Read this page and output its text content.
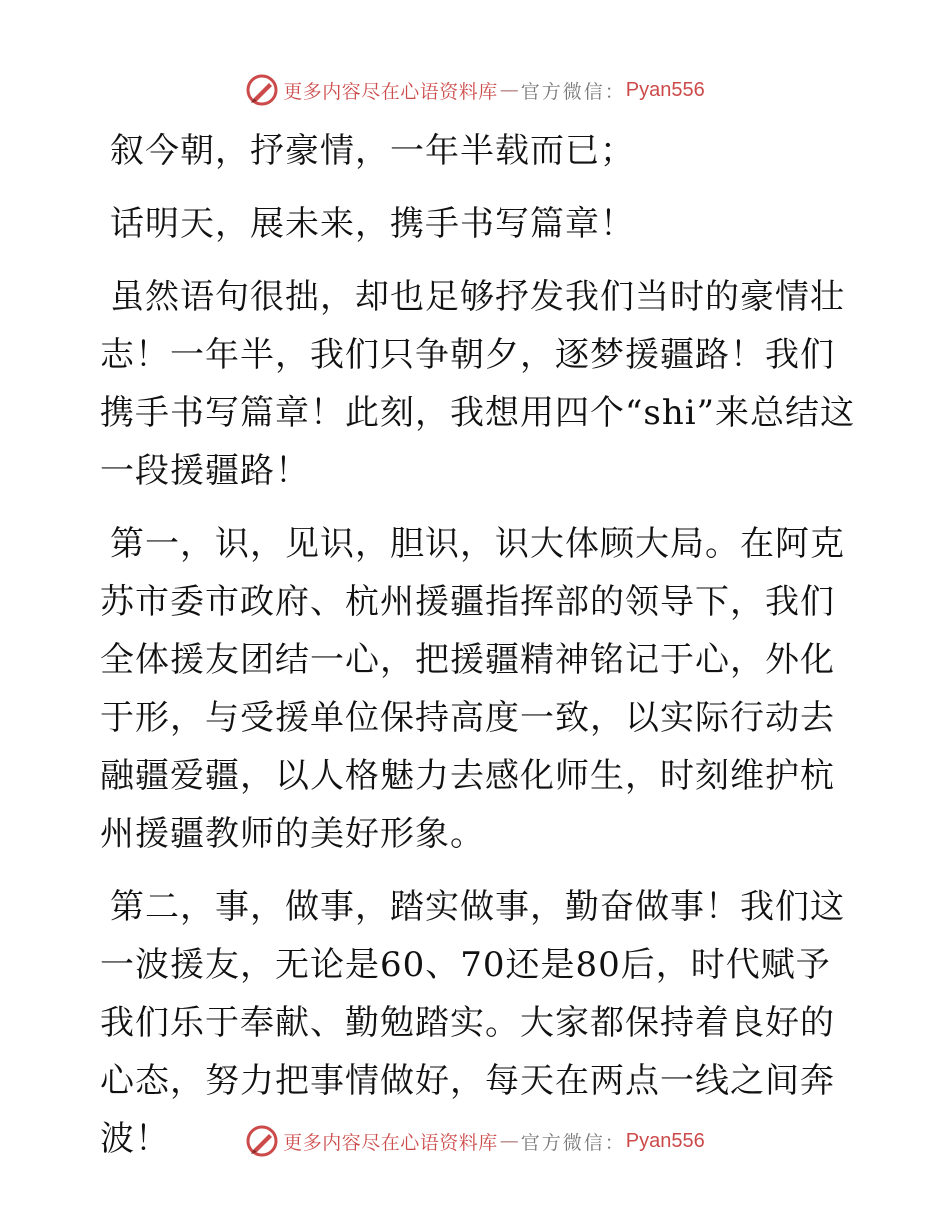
更多内容尽在心语资料库 — 官方微信： Pyan556

叙今朝，抒豪情，一年半载而已；

话明天，展未来，携手书写篇章！

虽然语句很拙，却也足够抒发我们当时的豪情壮志！一年半，我们只争朝夕，逐梦援疆路！我们携手书写篇章！此刻，我想用四个“shi”来总结这一段援疆路！

第一，识，见识，胆识，识大体顾大局。在阿克苏市委市政府、杭州援疆指挥部的领导下，我们全体援友团结一心，把援疆精神铭记于心，外化于形，与受援单位保持高度一致，以实际行动去融疆爱疆，以人格魅力去感化师生，时刻维护杭州援疆教师的美好形象。

第二，事，做事，踏实做事，勤奋做事！我们这一波援友，无论是60、70还是80后，时代赋予我们乐于奉献、勤勉踏实。大家都保持着良好的心态，努力把事情做好，每天在两点一线之间奔波！	更多内容尽在心语资料库 — 官方微信： Pyan556
